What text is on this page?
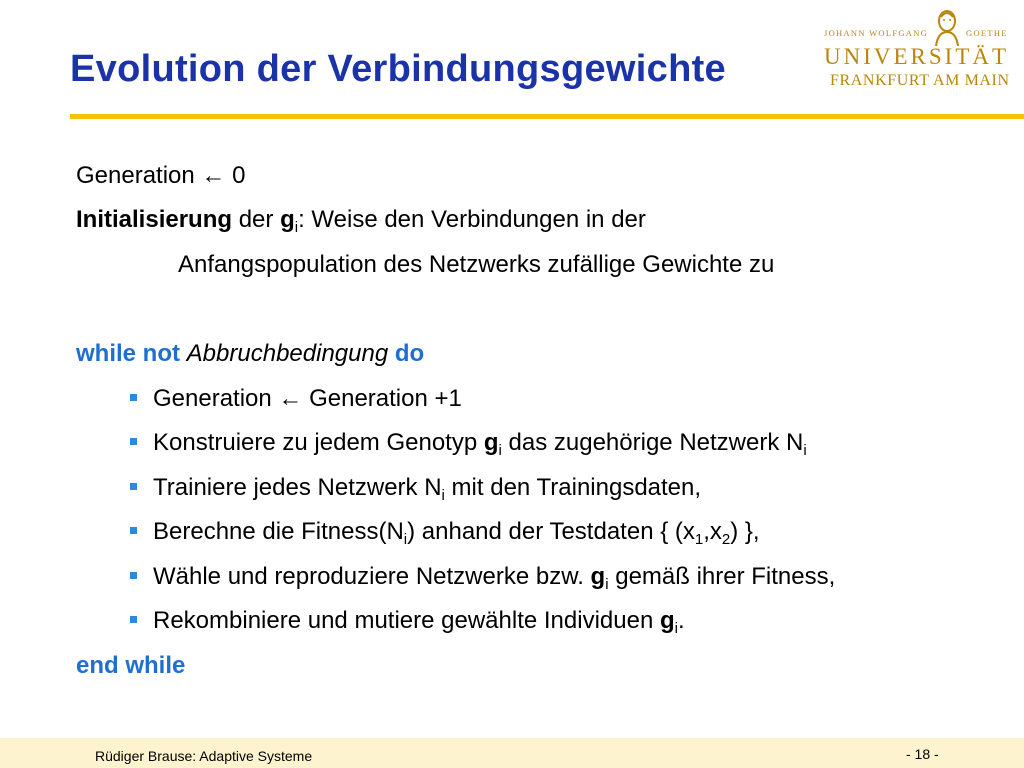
Evolution der Verbindungsgewichte
JOHANN WOLFGANG	GOETHE
UNIVERSITÄT
FRANKFURT AM MAIN
Generation ← 0
Initialisierung der $g_i$: Weise den Verbindungen in der
Anfangspopulation des Netzwerks zufällige Gewichte zu
while not Abbruchbedingung do
Generation ← Generation +1
Konstruiere zu jedem Genotyp $g_i$ das zugehörige Netzwerk $N_i$
Trainiere jedes Netzwerk $N_i$ mit den Trainingsdaten,
Berechne die $Fitness(N_i)$ anhand der Testdaten { $(x_1,x_2)$ },
Wähle und reproduziere Netzwerke bzw. $g_i$ gemäß ihrer Fitness,
Rekombiniere und mutiere gewählte Individuen $g_i$.
end while
Rüdiger Brause: Adaptive Systeme	- 18 -
